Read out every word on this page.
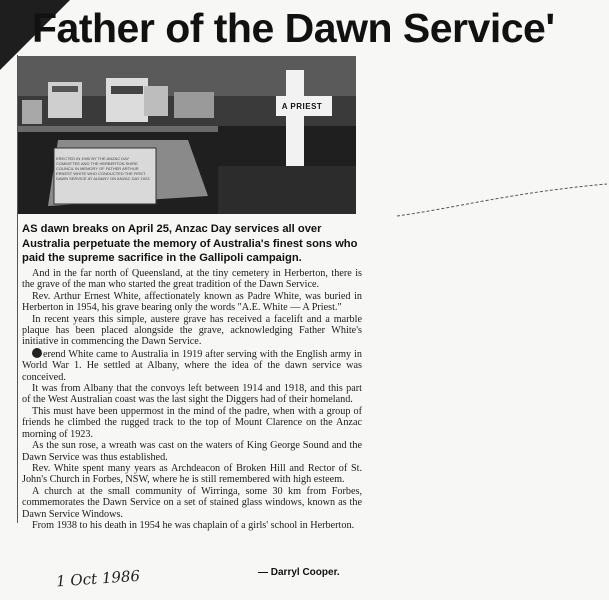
Father of the Dawn Service'
A PRIEST
ERECTED IN 1990 BY THE ANZAC DAY COMMITTEE AND THE HERBERTON SHIRE COUNCIL IN MEMORY OF FATHER ARTHUR ERNEST WHITE WHO CONDUCTED THE FIRST DAWN SERVICE AT ALBANY ON ANZAC DAY 1923
AS dawn breaks on April 25, Anzac Day services all over Australia perpetuate the memory of Australia's finest sons who paid the supreme sacrifice in the Gallipoli campaign.

And in the far north of Queensland, at the tiny cemetery in Herberton, there is the grave of the man who started the great tradition of the Dawn Service.

Rev. Arthur Ernest White, affectionately known as Padre White, was buried in Herberton in 1954, his grave bearing only the words "A.E. White — A Priest."

In recent years this simple, austere grave has received a facelift and a marble plaque has been placed alongside the grave, acknowledging Father White's initiative in commencing the Dawn Service.

erend White came to Australia in 1919 after serving with the English army in World War 1. He settled at Albany, where the idea of the dawn service was conceived.

It was from Albany that the convoys left between 1914 and 1918, and this part of the West Australian coast was the last sight the Diggers had of their homeland.

This must have been uppermost in the mind of the padre, when with a group of friends he climbed the rugged track to the top of Mount Clarence on the Anzac morning of 1923.

As the sun rose, a wreath was cast on the waters of King George Sound and the Dawn Service was thus established.

Rev. White spent many years as Archdeacon of Broken Hill and Rector of St. John's Church in Forbes, NSW, where he is still remembered with high esteem.

A church at the small community of Wirringa, some 30 km from Forbes, commemorates the Dawn Service on a set of stained glass windows, known as the Dawn Service Windows.

From 1938 to his death in 1954 he was chaplain of a girls' school in Herberton.

1 Oct 1986	— Darryl Cooper.
